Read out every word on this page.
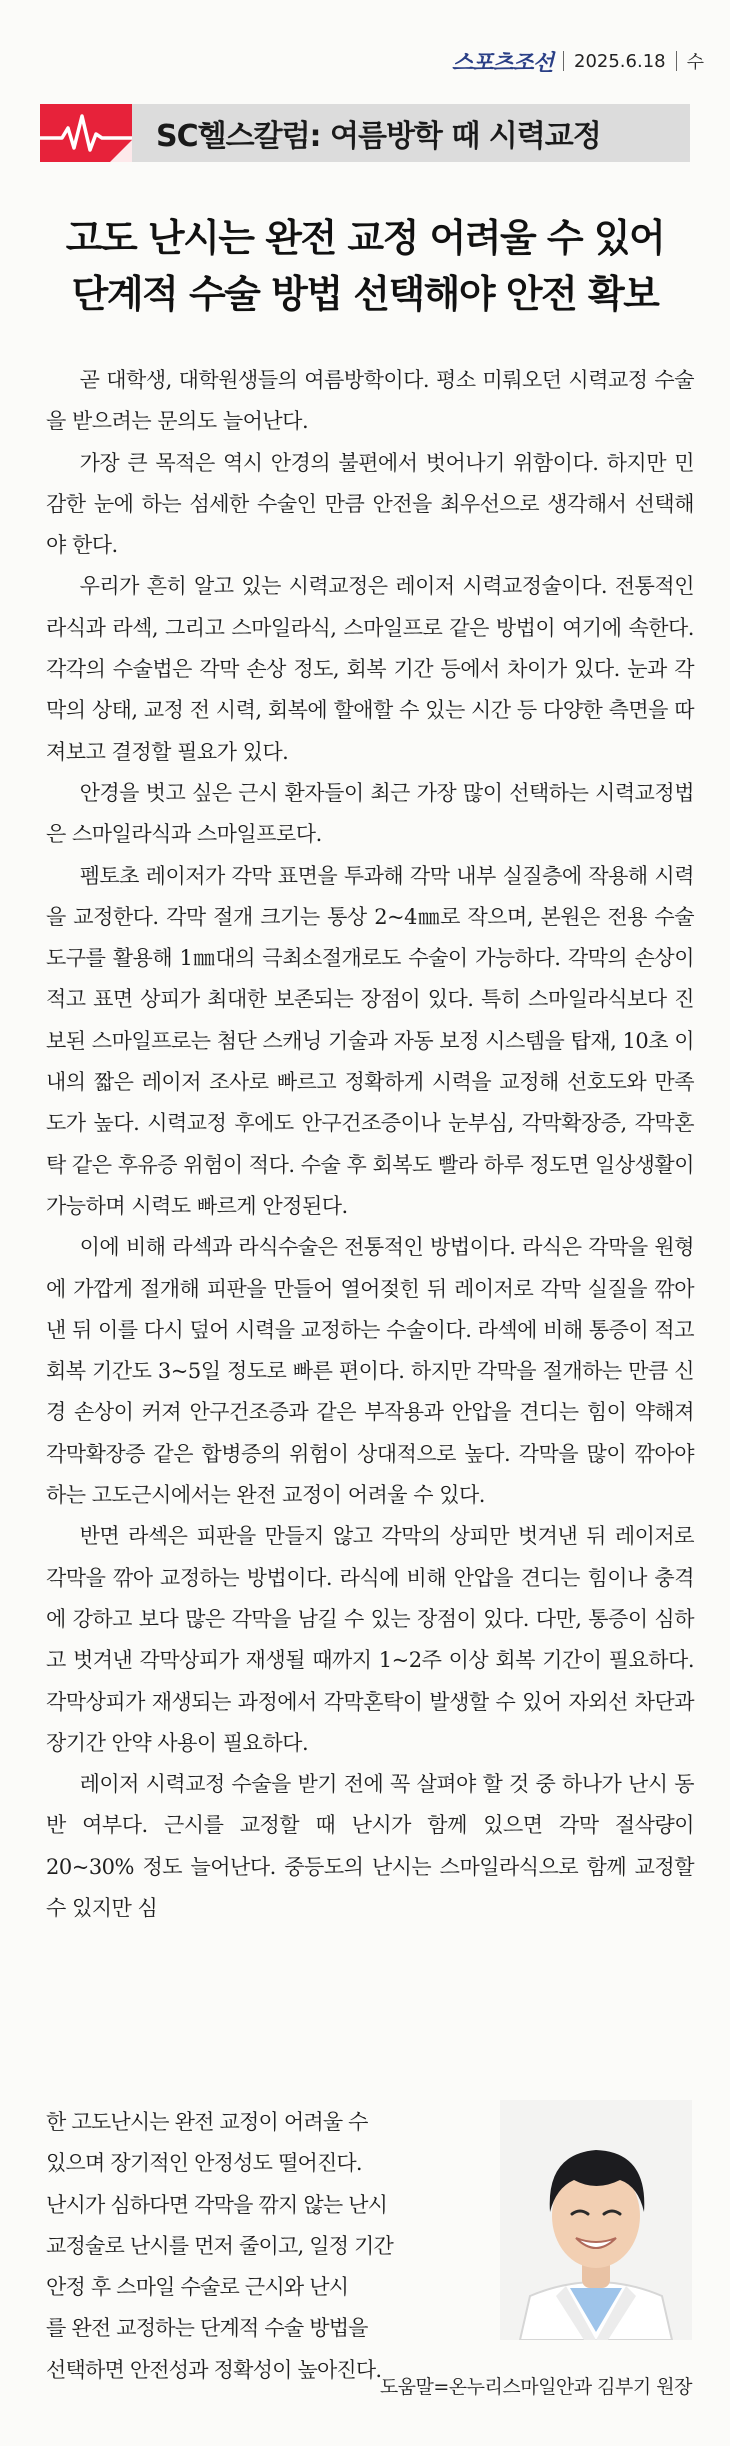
스포츠조선 2025.6.18 수
SC헬스칼럼: 여름방학 때 시력교정
고도 난시는 완전 교정 어려울 수 있어
단계적 수술 방법 선택해야 안전 확보

곧 대학생, 대학원생들의 여름방학이다. 평소 미뤄오던 시력교정 수술을 받으려는 문의도 늘어난다.

가장 큰 목적은 역시 안경의 불편에서 벗어나기 위함이다. 하지만 민감한 눈에 하는 섬세한 수술인 만큼 안전을 최우선으로 생각해서 선택해야 한다.

우리가 흔히 알고 있는 시력교정은 레이저 시력교정술이다. 전통적인 라식과 라섹, 그리고 스마일라식, 스마일프로 같은 방법이 여기에 속한다. 각각의 수술법은 각막 손상 정도, 회복 기간 등에서 차이가 있다. 눈과 각막의 상태, 교정 전 시력, 회복에 할애할 수 있는 시간 등 다양한 측면을 따져보고 결정할 필요가 있다.

안경을 벗고 싶은 근시 환자들이 최근 가장 많이 선택하는 시력교정법은 스마일라식과 스마일프로다.

펨토초 레이저가 각막 표면을 투과해 각막 내부 실질층에 작용해 시력을 교정한다. 각막 절개 크기는 통상 2~4㎜로 작으며, 본원은 전용 수술도구를 활용해 1㎜대의 극최소절개로도 수술이 가능하다. 각막의 손상이 적고 표면 상피가 최대한 보존되는 장점이 있다. 특히 스마일라식보다 진보된 스마일프로는 첨단 스캐닝 기술과 자동 보정 시스템을 탑재, 10초 이내의 짧은 레이저 조사로 빠르고 정확하게 시력을 교정해 선호도와 만족도가 높다. 시력교정 후에도 안구건조증이나 눈부심, 각막확장증, 각막혼탁 같은 후유증 위험이 적다. 수술 후 회복도 빨라 하루 정도면 일상생활이 가능하며 시력도 빠르게 안정된다.

이에 비해 라섹과 라식수술은 전통적인 방법이다. 라식은 각막을 원형에 가깝게 절개해 피판을 만들어 열어젖힌 뒤 레이저로 각막 실질을 깎아낸 뒤 이를 다시 덮어 시력을 교정하는 수술이다. 라섹에 비해 통증이 적고 회복 기간도 3~5일 정도로 빠른 편이다. 하지만 각막을 절개하는 만큼 신경 손상이 커져 안구건조증과 같은 부작용과 안압을 견디는 힘이 약해져 각막확장증 같은 합병증의 위험이 상대적으로 높다. 각막을 많이 깎아야 하는 고도근시에서는 완전 교정이 어려울 수 있다.

반면 라섹은 피판을 만들지 않고 각막의 상피만 벗겨낸 뒤 레이저로 각막을 깎아 교정하는 방법이다. 라식에 비해 안압을 견디는 힘이나 충격에 강하고 보다 많은 각막을 남길 수 있는 장점이 있다. 다만, 통증이 심하고 벗겨낸 각막상피가 재생될 때까지 1~2주 이상 회복 기간이 필요하다. 각막상피가 재생되는 과정에서 각막혼탁이 발생할 수 있어 자외선 차단과 장기간 안약 사용이 필요하다.

레이저 시력교정 수술을 받기 전에 꼭 살펴야 할 것 중 하나가 난시 동반 여부다. 근시를 교정할 때 난시가 함께 있으면 각막 절삭량이 20~30% 정도 늘어난다. 중등도의 난시는 스마일라식으로 함께 교정할 수 있지만 심

한 고도난시는 완전 교정이 어려울 수
있으며 장기적인 안정성도 떨어진다.
난시가 심하다면 각막을 깎지 않는 난시
교정술로 난시를 먼저 줄이고, 일정 기간
안정 후 스마일 수술로 근시와 난시
를 완전 교정하는 단계적 수술 방법을
선택하면 안전성과 정확성이 높아진다.
도움말=온누리스마일안과 김부기 원장
